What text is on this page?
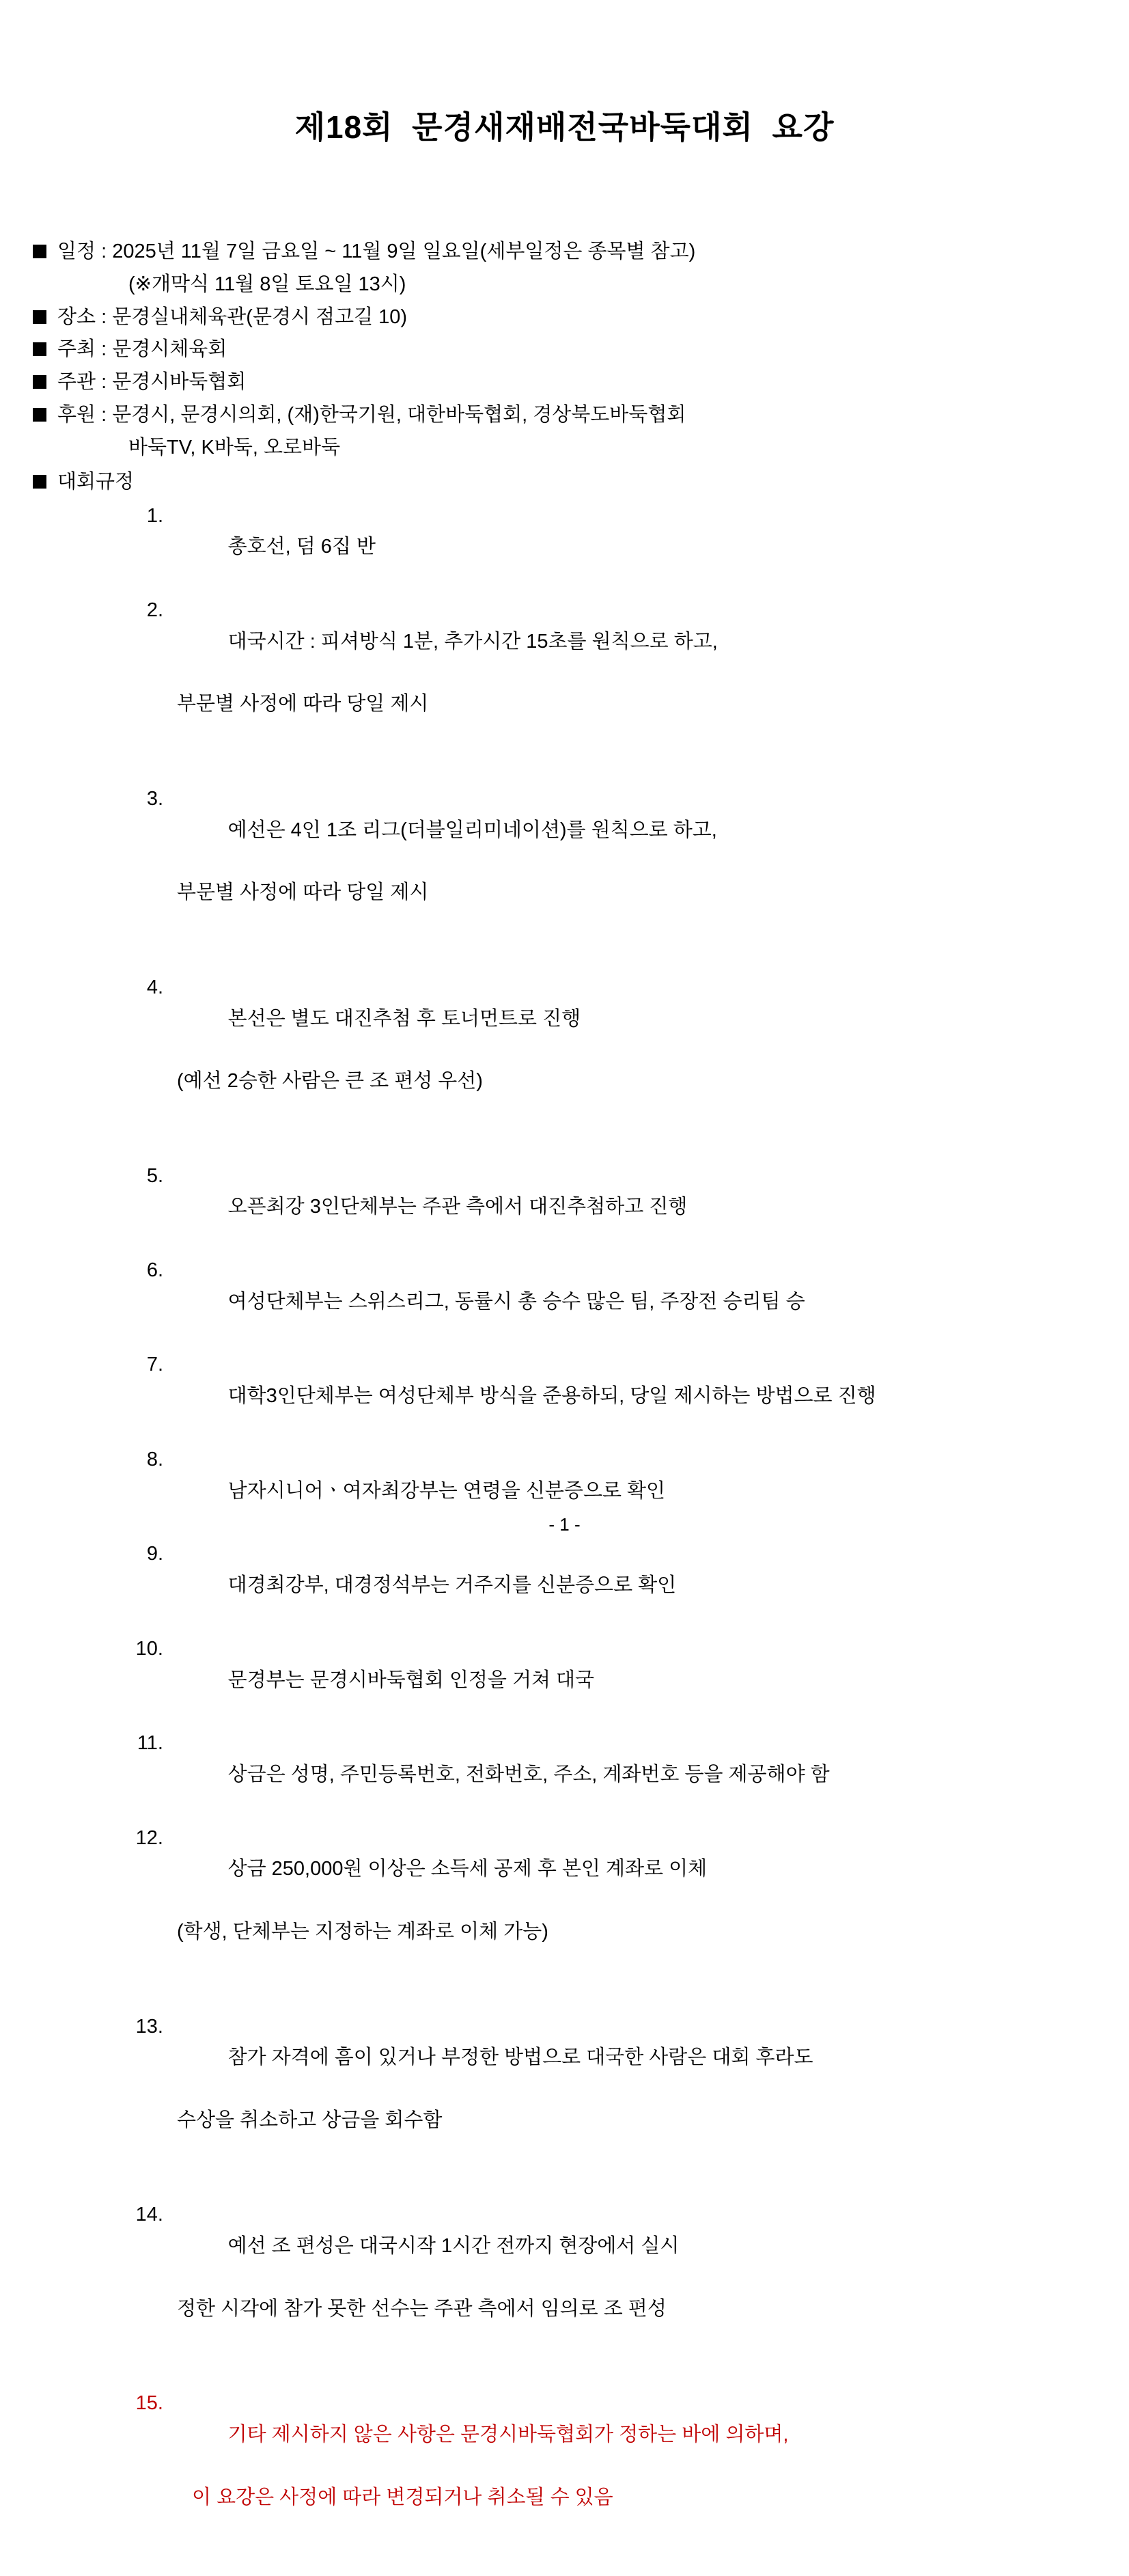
제18회  문경새재배전국바둑대회  요강
일정 : 2025년 11월 7일 금요일 ~ 11월 9일 일요일(세부일정은 종목별 참고)
(※개막식 11월 8일 토요일 13시)
장소 : 문경실내체육관(문경시 점고길 10)
주최 : 문경시체육회
주관 : 문경시바둑협회
후원 : 문경시, 문경시의회, (재)한국기원, 대한바둑협회, 경상북도바둑협회
바둑TV, K바둑, 오로바둑
대회규정
1.

총호선, 덤 6집 반

2.

대국시간 : 피셔방식 1분, 추가시간 15초를 원칙으로 하고,

부문별 사정에 따라 당일 제시

3.

예선은 4인 1조 리그(더블일리미네이션)를 원칙으로 하고,

부문별 사정에 따라 당일 제시

4.

본선은 별도 대진추첨 후 토너먼트로 진행

(예선 2승한 사람은 큰 조 편성 우선)

5.

오픈최강 3인단체부는 주관 측에서 대진추첨하고 진행

6.

여성단체부는 스위스리그, 동률시 총 승수 많은 팀, 주장전 승리팀 승

7.

대학3인단체부는 여성단체부 방식을 준용하되, 당일 제시하는 방법으로 진행

8.

남자시니어ㆍ여자최강부는 연령을 신분증으로 확인

9.

대경최강부, 대경정석부는 거주지를 신분증으로 확인

10.

문경부는 문경시바둑협회 인정을 거쳐 대국

11.

상금은 성명, 주민등록번호, 전화번호, 주소, 계좌번호 등을 제공해야 함

12.

상금 250,000원 이상은 소득세 공제 후 본인 계좌로 이체

(학생, 단체부는 지정하는 계좌로 이체 가능)

13.

참가 자격에 흠이 있거나 부정한 방법으로 대국한 사람은 대회 후라도

수상을 취소하고 상금을 회수함

14.

예선 조 편성은 대국시작 1시간 전까지 현장에서 실시

정한 시각에 참가 못한 선수는 주관 측에서 임의로 조 편성

15.

기타 제시하지 않은 사항은 문경시바둑협회가 정하는 바에 의하며,

이 요강은 사정에 따라 변경되거나 취소될 수 있음

- 1 -
